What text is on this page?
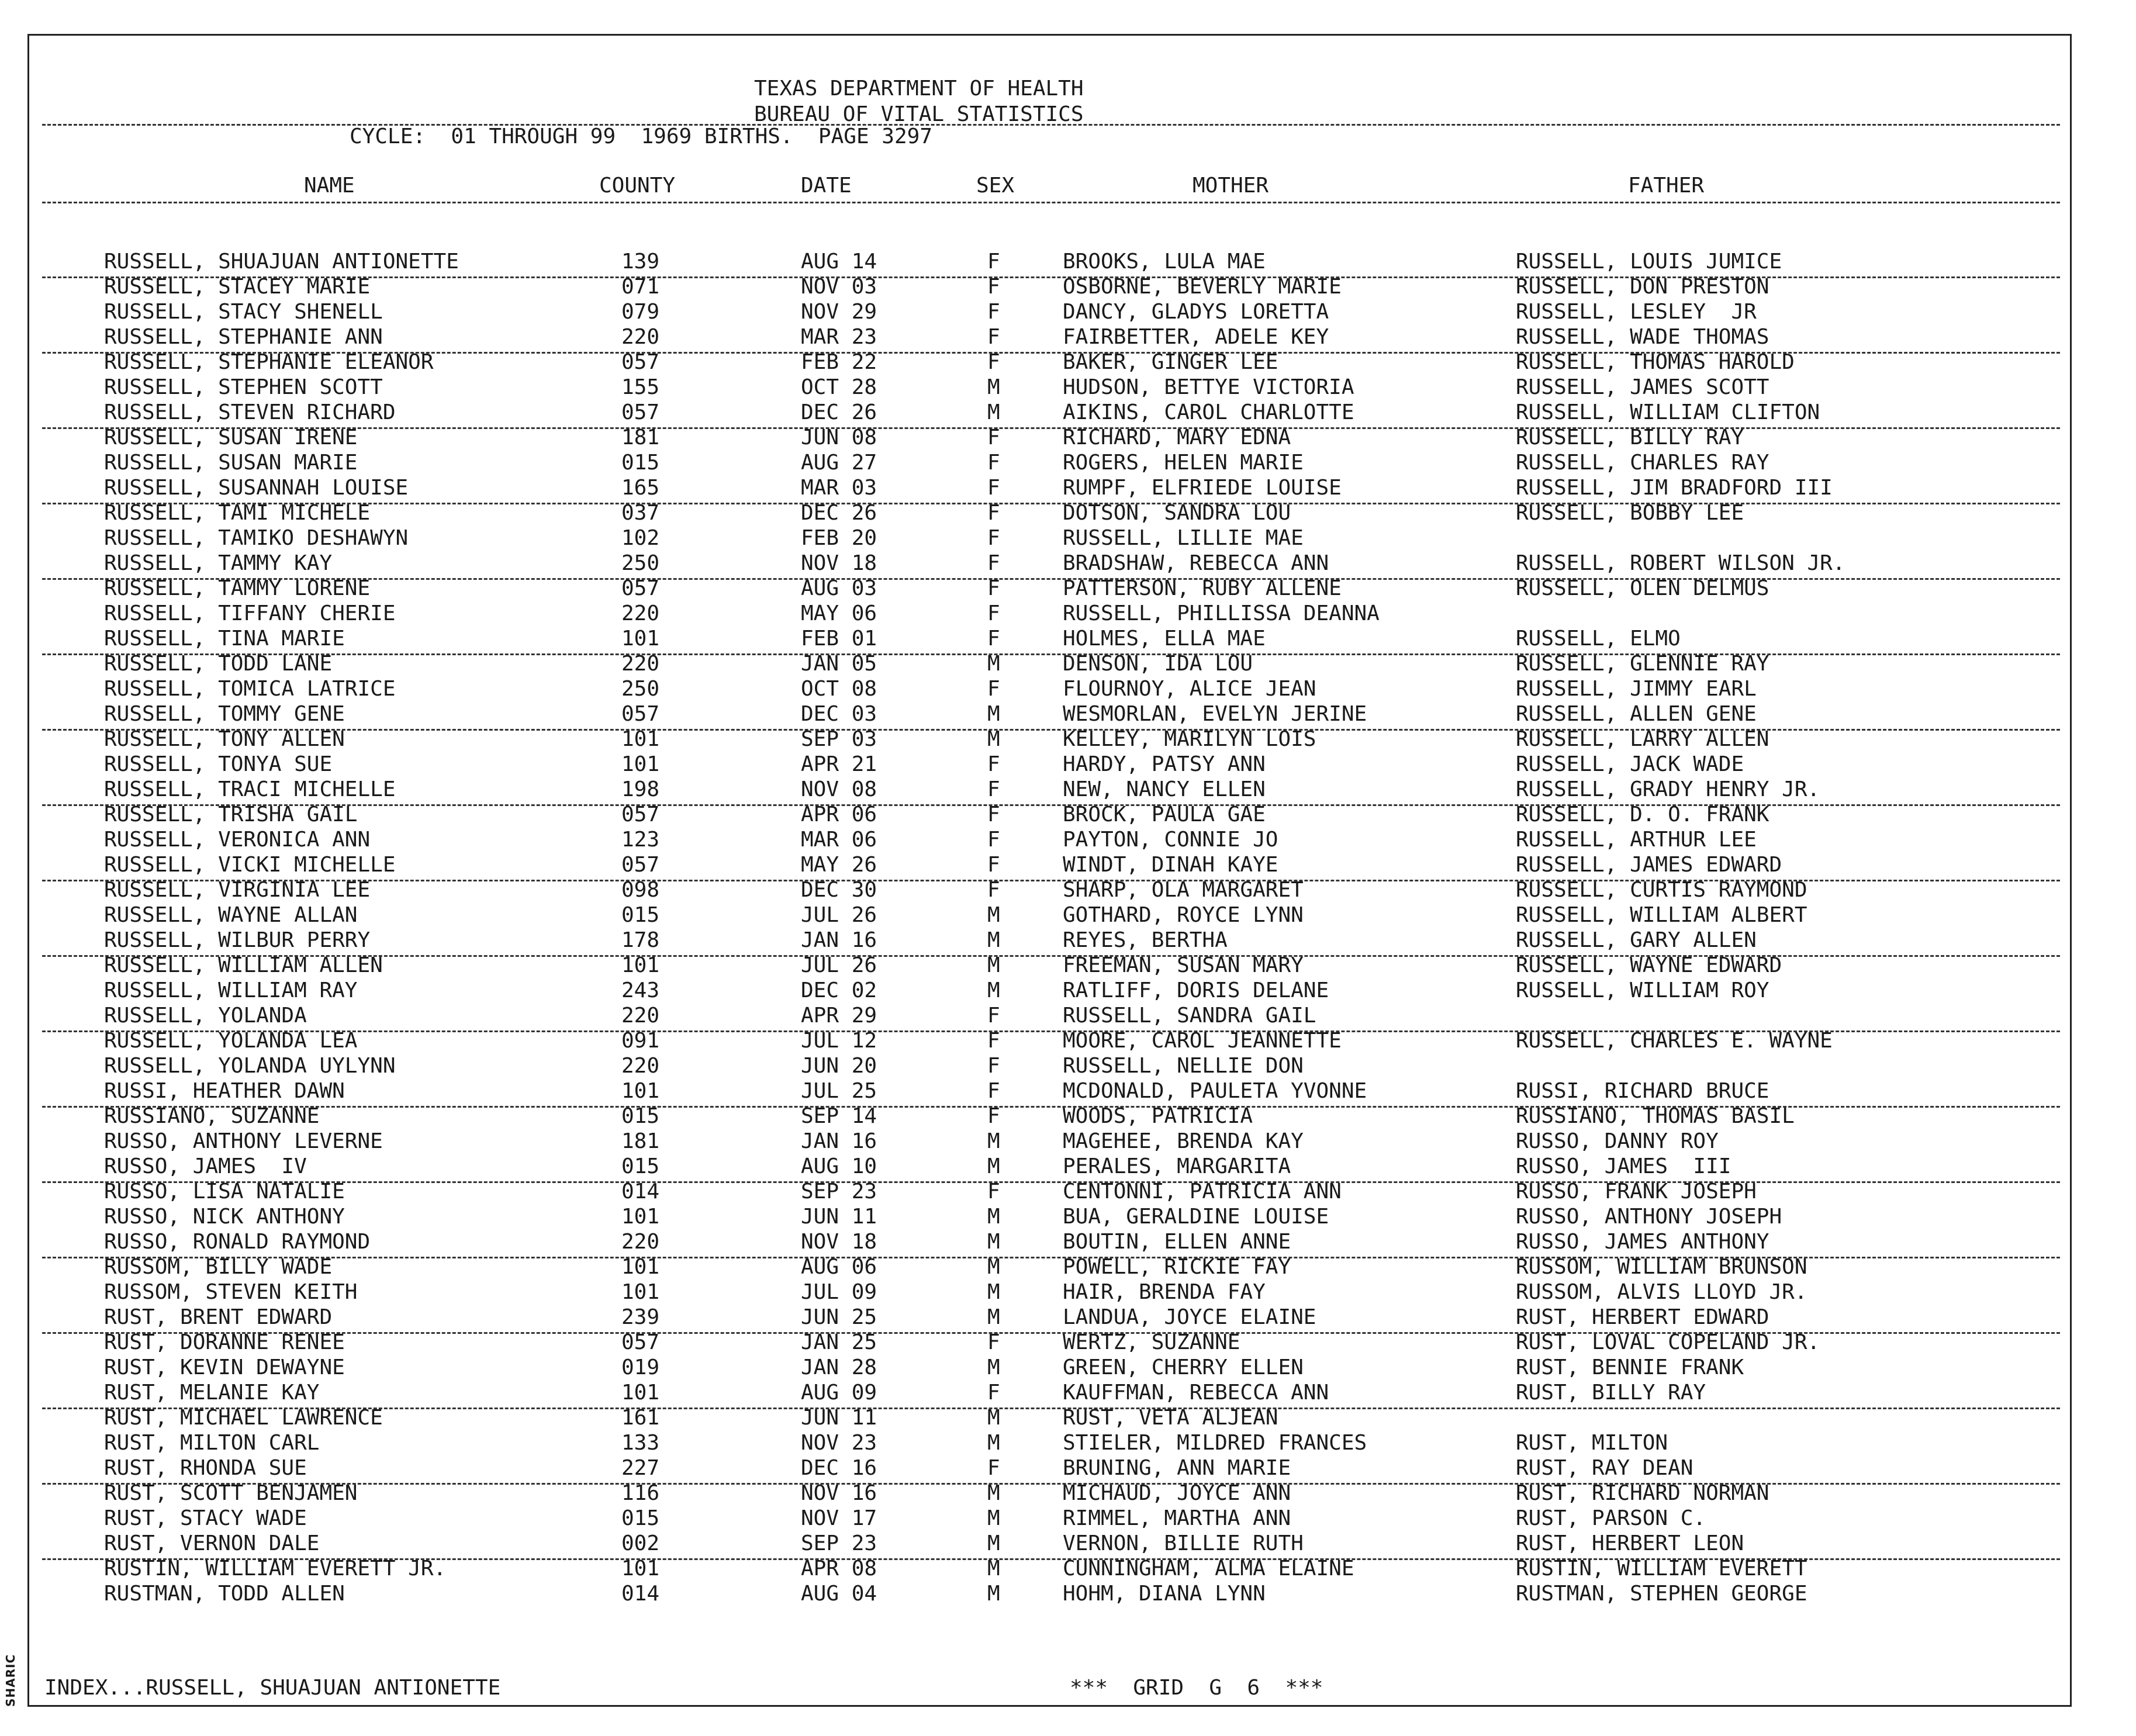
SHARIC
TEXAS DEPARTMENT OF HEALTH
BUREAU OF VITAL STATISTICS
CYCLE:  01 THROUGH 99  1969 BIRTHS.  PAGE 3297
NAME	COUNTY	DATE	SEX	MOTHER	FATHER
RUSSELL, SHUAJUAN ANTIONETTE	139	AUG 14	F	BROOKS, LULA MAE	RUSSELL, LOUIS JUMICE
RUSSELL, STACEY MARIE	071	NOV 03	F	OSBORNE, BEVERLY MARIE	RUSSELL, DON PRESTON
RUSSELL, STACY SHENELL	079	NOV 29	F	DANCY, GLADYS LORETTA	RUSSELL, LESLEY  JR
RUSSELL, STEPHANIE ANN	220	MAR 23	F	FAIRBETTER, ADELE KEY	RUSSELL, WADE THOMAS
RUSSELL, STEPHANIE ELEANOR	057	FEB 22	F	BAKER, GINGER LEE	RUSSELL, THOMAS HAROLD
RUSSELL, STEPHEN SCOTT	155	OCT 28	M	HUDSON, BETTYE VICTORIA	RUSSELL, JAMES SCOTT
RUSSELL, STEVEN RICHARD	057	DEC 26	M	AIKINS, CAROL CHARLOTTE	RUSSELL, WILLIAM CLIFTON
RUSSELL, SUSAN IRENE	181	JUN 08	F	RICHARD, MARY EDNA	RUSSELL, BILLY RAY
RUSSELL, SUSAN MARIE	015	AUG 27	F	ROGERS, HELEN MARIE	RUSSELL, CHARLES RAY
RUSSELL, SUSANNAH LOUISE	165	MAR 03	F	RUMPF, ELFRIEDE LOUISE	RUSSELL, JIM BRADFORD III
RUSSELL, TAMI MICHELE	037	DEC 26	F	DOTSON, SANDRA LOU	RUSSELL, BOBBY LEE
RUSSELL, TAMIKO DESHAWYN	102	FEB 20	F	RUSSELL, LILLIE MAE
RUSSELL, TAMMY KAY	250	NOV 18	F	BRADSHAW, REBECCA ANN	RUSSELL, ROBERT WILSON JR.
RUSSELL, TAMMY LORENE	057	AUG 03	F	PATTERSON, RUBY ALLENE	RUSSELL, OLEN DELMUS
RUSSELL, TIFFANY CHERIE	220	MAY 06	F	RUSSELL, PHILLISSA DEANNA
RUSSELL, TINA MARIE	101	FEB 01	F	HOLMES, ELLA MAE	RUSSELL, ELMO
RUSSELL, TODD LANE	220	JAN 05	M	DENSON, IDA LOU	RUSSELL, GLENNIE RAY
RUSSELL, TOMICA LATRICE	250	OCT 08	F	FLOURNOY, ALICE JEAN	RUSSELL, JIMMY EARL
RUSSELL, TOMMY GENE	057	DEC 03	M	WESMORLAN, EVELYN JERINE	RUSSELL, ALLEN GENE
RUSSELL, TONY ALLEN	101	SEP 03	M	KELLEY, MARILYN LOIS	RUSSELL, LARRY ALLEN
RUSSELL, TONYA SUE	101	APR 21	F	HARDY, PATSY ANN	RUSSELL, JACK WADE
RUSSELL, TRACI MICHELLE	198	NOV 08	F	NEW, NANCY ELLEN	RUSSELL, GRADY HENRY JR.
RUSSELL, TRISHA GAIL	057	APR 06	F	BROCK, PAULA GAE	RUSSELL, D. O. FRANK
RUSSELL, VERONICA ANN	123	MAR 06	F	PAYTON, CONNIE JO	RUSSELL, ARTHUR LEE
RUSSELL, VICKI MICHELLE	057	MAY 26	F	WINDT, DINAH KAYE	RUSSELL, JAMES EDWARD
RUSSELL, VIRGINIA LEE	098	DEC 30	F	SHARP, OLA MARGARET	RUSSELL, CURTIS RAYMOND
RUSSELL, WAYNE ALLAN	015	JUL 26	M	GOTHARD, ROYCE LYNN	RUSSELL, WILLIAM ALBERT
RUSSELL, WILBUR PERRY	178	JAN 16	M	REYES, BERTHA	RUSSELL, GARY ALLEN
RUSSELL, WILLIAM ALLEN	101	JUL 26	M	FREEMAN, SUSAN MARY	RUSSELL, WAYNE EDWARD
RUSSELL, WILLIAM RAY	243	DEC 02	M	RATLIFF, DORIS DELANE	RUSSELL, WILLIAM ROY
RUSSELL, YOLANDA	220	APR 29	F	RUSSELL, SANDRA GAIL
RUSSELL, YOLANDA LEA	091	JUL 12	F	MOORE, CAROL JEANNETTE	RUSSELL, CHARLES E. WAYNE
RUSSELL, YOLANDA UYLYNN	220	JUN 20	F	RUSSELL, NELLIE DON
RUSSI, HEATHER DAWN	101	JUL 25	F	MCDONALD, PAULETA YVONNE	RUSSI, RICHARD BRUCE
RUSSIANO, SUZANNE	015	SEP 14	F	WOODS, PATRICIA	RUSSIANO, THOMAS BASIL
RUSSO, ANTHONY LEVERNE	181	JAN 16	M	MAGEHEE, BRENDA KAY	RUSSO, DANNY ROY
RUSSO, JAMES  IV	015	AUG 10	M	PERALES, MARGARITA	RUSSO, JAMES  III
RUSSO, LISA NATALIE	014	SEP 23	F	CENTONNI, PATRICIA ANN	RUSSO, FRANK JOSEPH
RUSSO, NICK ANTHONY	101	JUN 11	M	BUA, GERALDINE LOUISE	RUSSO, ANTHONY JOSEPH
RUSSO, RONALD RAYMOND	220	NOV 18	M	BOUTIN, ELLEN ANNE	RUSSO, JAMES ANTHONY
RUSSOM, BILLY WADE	101	AUG 06	M	POWELL, RICKIE FAY	RUSSOM, WILLIAM BRUNSON
RUSSOM, STEVEN KEITH	101	JUL 09	M	HAIR, BRENDA FAY	RUSSOM, ALVIS LLOYD JR.
RUST, BRENT EDWARD	239	JUN 25	M	LANDUA, JOYCE ELAINE	RUST, HERBERT EDWARD
RUST, DORANNE RENEE	057	JAN 25	F	WERTZ, SUZANNE	RUST, LOVAL COPELAND JR.
RUST, KEVIN DEWAYNE	019	JAN 28	M	GREEN, CHERRY ELLEN	RUST, BENNIE FRANK
RUST, MELANIE KAY	101	AUG 09	F	KAUFFMAN, REBECCA ANN	RUST, BILLY RAY
RUST, MICHAEL LAWRENCE	161	JUN 11	M	RUST, VETA ALJEAN
RUST, MILTON CARL	133	NOV 23	M	STIELER, MILDRED FRANCES	RUST, MILTON
RUST, RHONDA SUE	227	DEC 16	F	BRUNING, ANN MARIE	RUST, RAY DEAN
RUST, SCOTT BENJAMEN	116	NOV 16	M	MICHAUD, JOYCE ANN	RUST, RICHARD NORMAN
RUST, STACY WADE	015	NOV 17	M	RIMMEL, MARTHA ANN	RUST, PARSON C.
RUST, VERNON DALE	002	SEP 23	M	VERNON, BILLIE RUTH	RUST, HERBERT LEON
RUSTIN, WILLIAM EVERETT JR.	101	APR 08	M	CUNNINGHAM, ALMA ELAINE	RUSTIN, WILLIAM EVERETT
RUSTMAN, TODD ALLEN	014	AUG 04	M	HOHM, DIANA LYNN	RUSTMAN, STEPHEN GEORGE
INDEX...RUSSELL, SHUAJUAN ANTIONETTE	***  GRID  G  6  ***
